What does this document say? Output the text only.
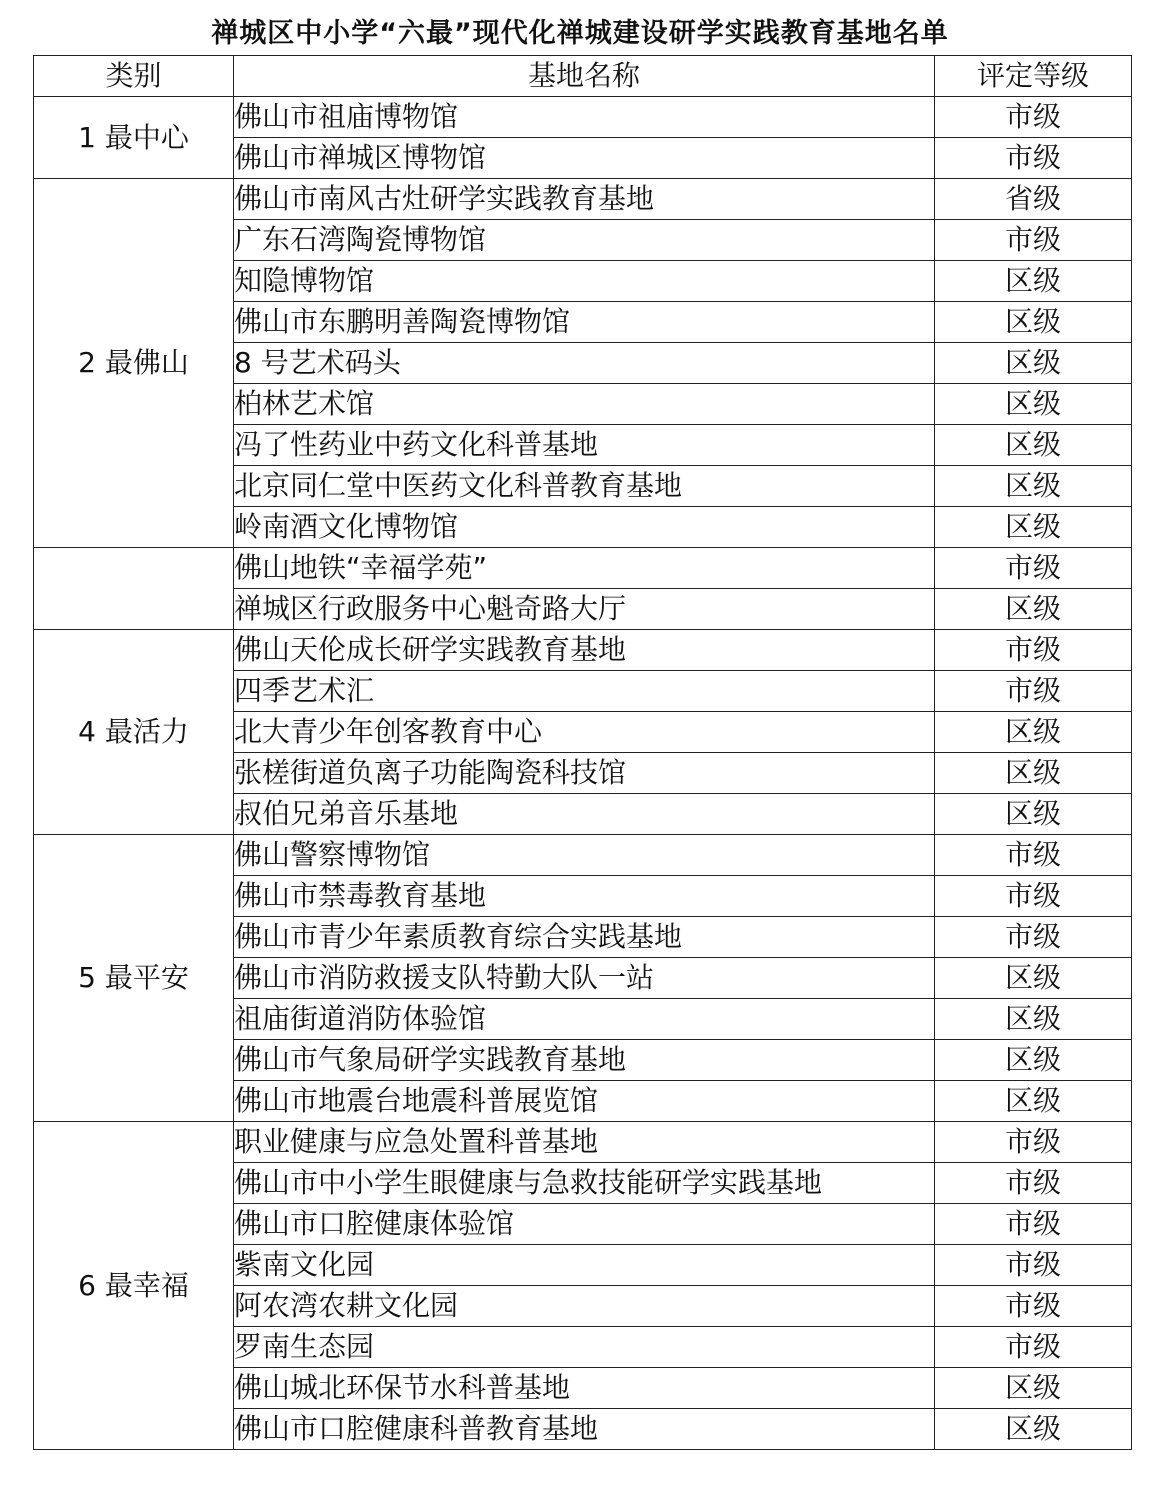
禅城区中小学“六最”现代化禅城建设研学实践教育基地名单
类别	基地名称	评定等级
1 最中心	佛山市祖庙博物馆	市级
	佛山市禅城区博物馆	市级
2 最佛山	佛山市南风古灶研学实践教育基地	省级
	广东石湾陶瓷博物馆	市级
	知隐博物馆	区级
	佛山市东鹏明善陶瓷博物馆	区级
	8 号艺术码头	区级
	柏林艺术馆	区级
	冯了性药业中药文化科普基地	区级
	北京同仁堂中医药文化科普教育基地	区级
	岭南酒文化博物馆	区级
	佛山地铁“幸福学苑”	市级
	禅城区行政服务中心魁奇路大厅	区级
4 最活力	佛山天伦成长研学实践教育基地	市级
	四季艺术汇	市级
	北大青少年创客教育中心	区级
	张槎街道负离子功能陶瓷科技馆	区级
	叔伯兄弟音乐基地	区级
5 最平安	佛山警察博物馆	市级
	佛山市禁毒教育基地	市级
	佛山市青少年素质教育综合实践基地	市级
	佛山市消防救援支队特勤大队一站	区级
	祖庙街道消防体验馆	区级
	佛山市气象局研学实践教育基地	区级
	佛山市地震台地震科普展览馆	区级
6 最幸福	职业健康与应急处置科普基地	市级
	佛山市中小学生眼健康与急救技能研学实践基地	市级
	佛山市口腔健康体验馆	市级
	紫南文化园	市级
	阿农湾农耕文化园	市级
	罗南生态园	市级
	佛山城北环保节水科普基地	区级
	佛山市口腔健康科普教育基地	区级
